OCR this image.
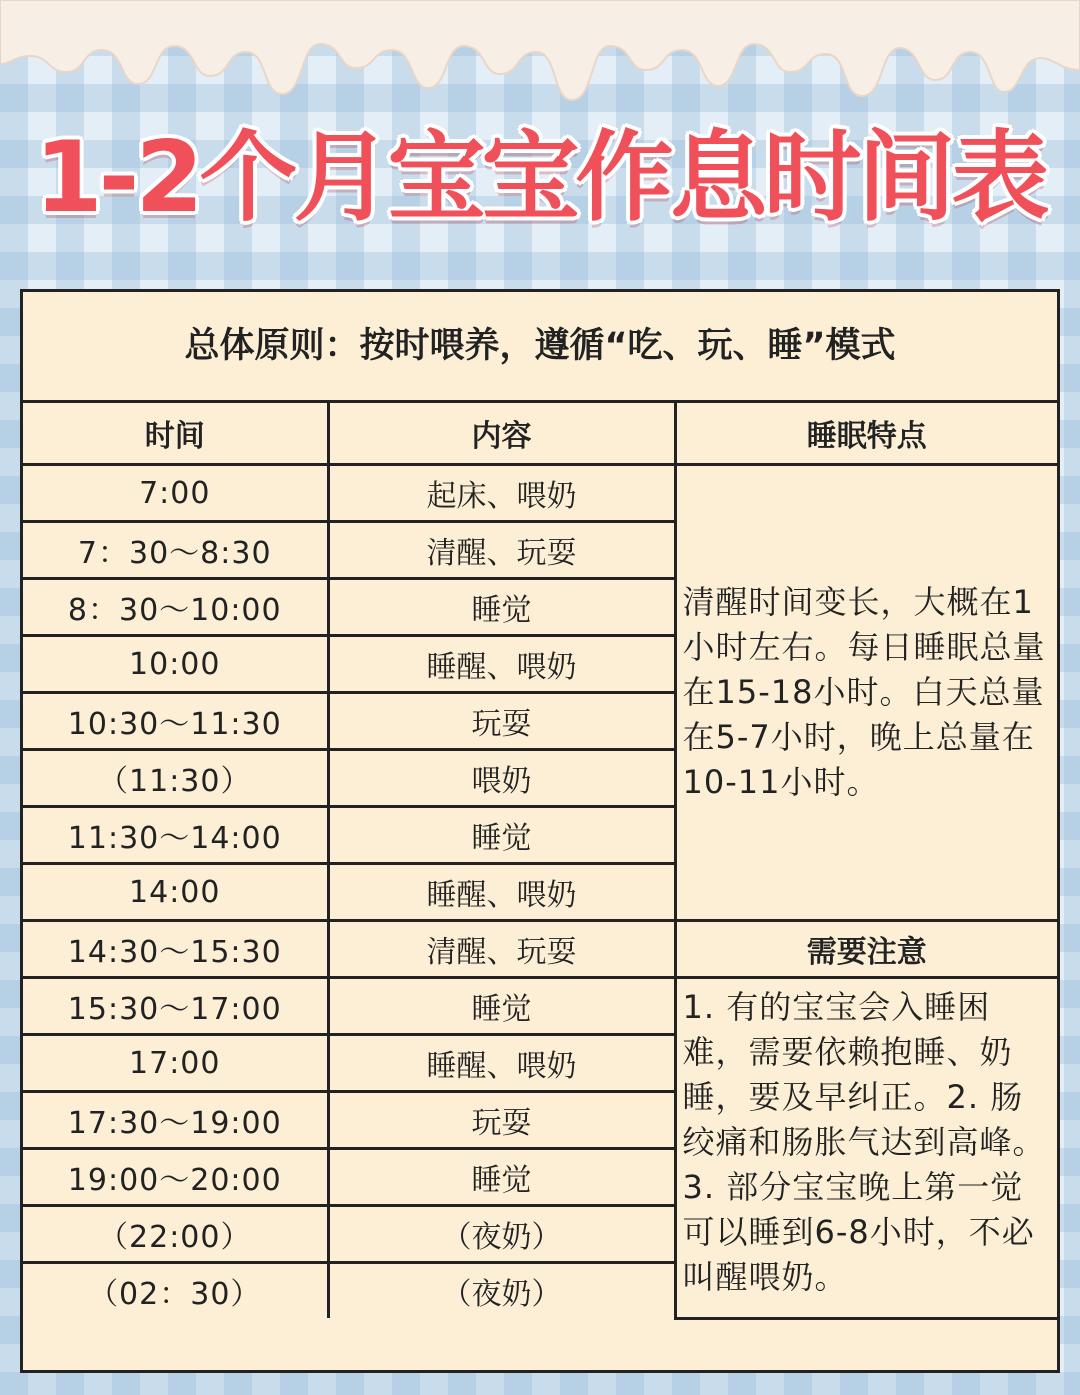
1-2个月宝宝作息时间表
总体原则：按时喂养，遵循“吃、玩、睡”模式
时间	内容	睡眠特点
7:00	起床、喂奶	清醒时间变长，大概在1小时左右。每日睡眠总量在15-18小时。白天总量在5-7小时，晚上总量在10-11小时。
7：30～8:30	清醒、玩耍	
8：30～10:00	睡觉	
10:00	睡醒、喂奶	
10:30～11:30	玩耍	
（11:30）	喂奶	
11:30～14:00	睡觉	
14:00	睡醒、喂奶	
14:30～15:30	清醒、玩耍	需要注意
15:30～17:00	睡觉	1. 有的宝宝会入睡困难，需要依赖抱睡、奶睡，要及早纠正。2. 肠绞痛和肠胀气达到高峰。3. 部分宝宝晚上第一觉可以睡到6-8小时，不必叫醒喂奶。
17:00	睡醒、喂奶	
17:30～19:00	玩耍	
19:00～20:00	睡觉	
（22:00）	（夜奶）	
（02：30）	（夜奶）	
